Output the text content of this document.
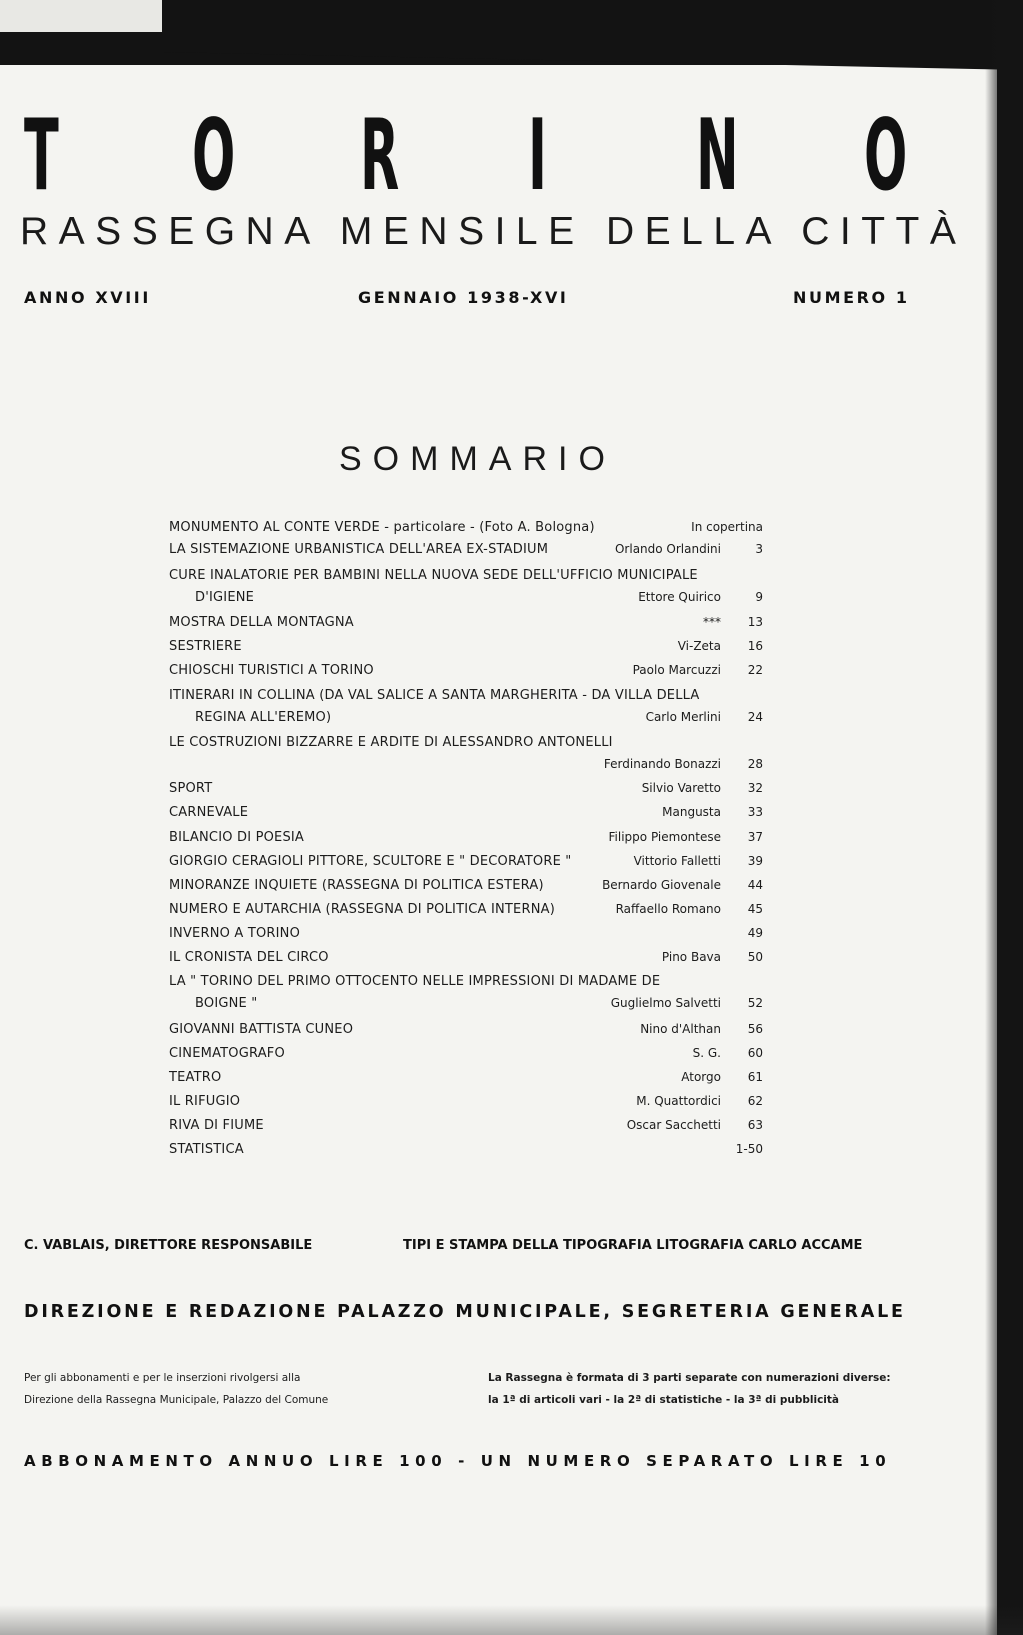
T O R I N O
RASSEGNA MENSILE DELLA CITTÀ
ANNO XVIII	GENNAIO 1938-XVI	NUMERO 1
SOMMARIO
MONUMENTO AL CONTE VERDE - particolare - (Foto A. Bologna)	In copertina
LA SISTEMAZIONE URBANISTICA DELL'AREA EX-STADIUM	Orlando Orlandini	3
CURE INALATORIE PER BAMBINI NELLA NUOVA SEDE DELL'UFFICIO MUNICIPALE
D'IGIENE	Ettore Quirico	9
MOSTRA DELLA MONTAGNA	***	13
SESTRIERE	Vi-Zeta	16
CHIOSCHI TURISTICI A TORINO	Paolo Marcuzzi	22
ITINERARI IN COLLINA (DA VAL SALICE A SANTA MARGHERITA - DA VILLA DELLA
REGINA ALL'EREMO)	Carlo Merlini	24
LE COSTRUZIONI BIZZARRE E ARDITE DI ALESSANDRO ANTONELLI
Ferdinando Bonazzi	28
SPORT	Silvio Varetto	32
CARNEVALE	Mangusta	33
BILANCIO DI POESIA	Filippo Piemontese	37
GIORGIO CERAGIOLI PITTORE, SCULTORE E " DECORATORE "	Vittorio Falletti	39
MINORANZE INQUIETE (RASSEGNA DI POLITICA ESTERA)	Bernardo Giovenale	44
NUMERO E AUTARCHIA (RASSEGNA DI POLITICA INTERNA)	Raffaello Romano	45
INVERNO A TORINO	49
IL CRONISTA DEL CIRCO	Pino Bava	50
LA " TORINO DEL PRIMO OTTOCENTO NELLE IMPRESSIONI DI MADAME DE
BOIGNE "	Guglielmo Salvetti	52
GIOVANNI BATTISTA CUNEO	Nino d'Althan	56
CINEMATOGRAFO	S. G.	60
TEATRO	Atorgo	61
IL RIFUGIO	M. Quattordici	62
RIVA DI FIUME	Oscar Sacchetti	63
STATISTICA	1-50
C. VABLAIS, DIRETTORE RESPONSABILE	TIPI E STAMPA DELLA TIPOGRAFIA LITOGRAFIA CARLO ACCAME
DIREZIONE E REDAZIONE PALAZZO MUNICIPALE, SEGRETERIA GENERALE
Per gli abbonamenti e per le inserzioni rivolgersi alla
Direzione della Rassegna Municipale, Palazzo del Comune
La Rassegna è formata di 3 parti separate con numerazioni diverse:
la 1ª di articoli vari - la 2ª di statistiche - la 3ª di pubblicità
ABBONAMENTO ANNUO LIRE 100 - UN NUMERO SEPARATO LIRE 10
